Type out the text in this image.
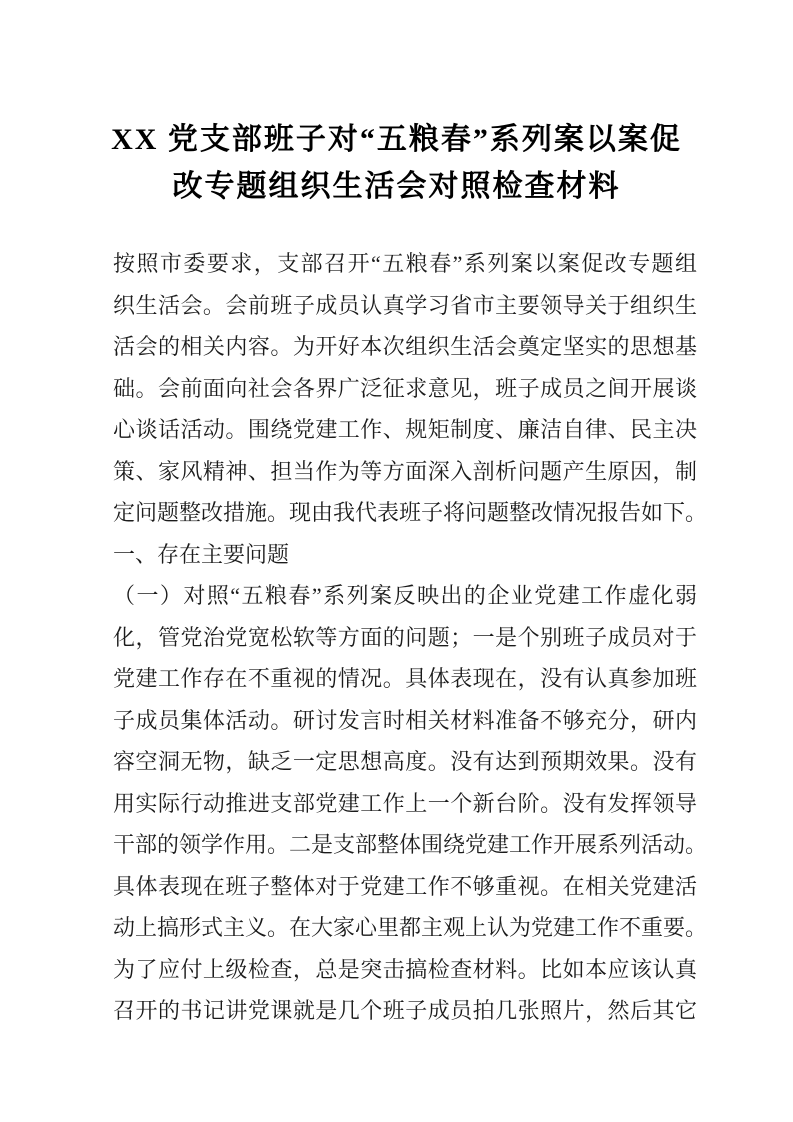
XX 党支部班子对“五粮春”系列案以案促
改专题组织生活会对照检查材料
按照市委要求，支部召开“五粮春”系列案以案促改专题组
织生活会。会前班子成员认真学习省市主要领导关于组织生
活会的相关内容。为开好本次组织生活会奠定坚实的思想基
础。会前面向社会各界广泛征求意见，班子成员之间开展谈
心谈话活动。围绕党建工作、规矩制度、廉洁自律、民主决
策、家风精神、担当作为等方面深入剖析问题产生原因，制
定问题整改措施。现由我代表班子将问题整改情况报告如下。
一、存在主要问题
（一）对照“五粮春”系列案反映出的企业党建工作虚化弱
化，管党治党宽松软等方面的问题；一是个别班子成员对于
党建工作存在不重视的情况。具体表现在，没有认真参加班
子成员集体活动。研讨发言时相关材料准备不够充分，研内
容空洞无物，缺乏一定思想高度。没有达到预期效果。没有
用实际行动推进支部党建工作上一个新台阶。没有发挥领导
干部的领学作用。二是支部整体围绕党建工作开展系列活动。
具体表现在班子整体对于党建工作不够重视。在相关党建活
动上搞形式主义。在大家心里都主观上认为党建工作不重要。
为了应付上级检查，总是突击搞检查材料。比如本应该认真
召开的书记讲党课就是几个班子成员拍几张照片，然后其它
